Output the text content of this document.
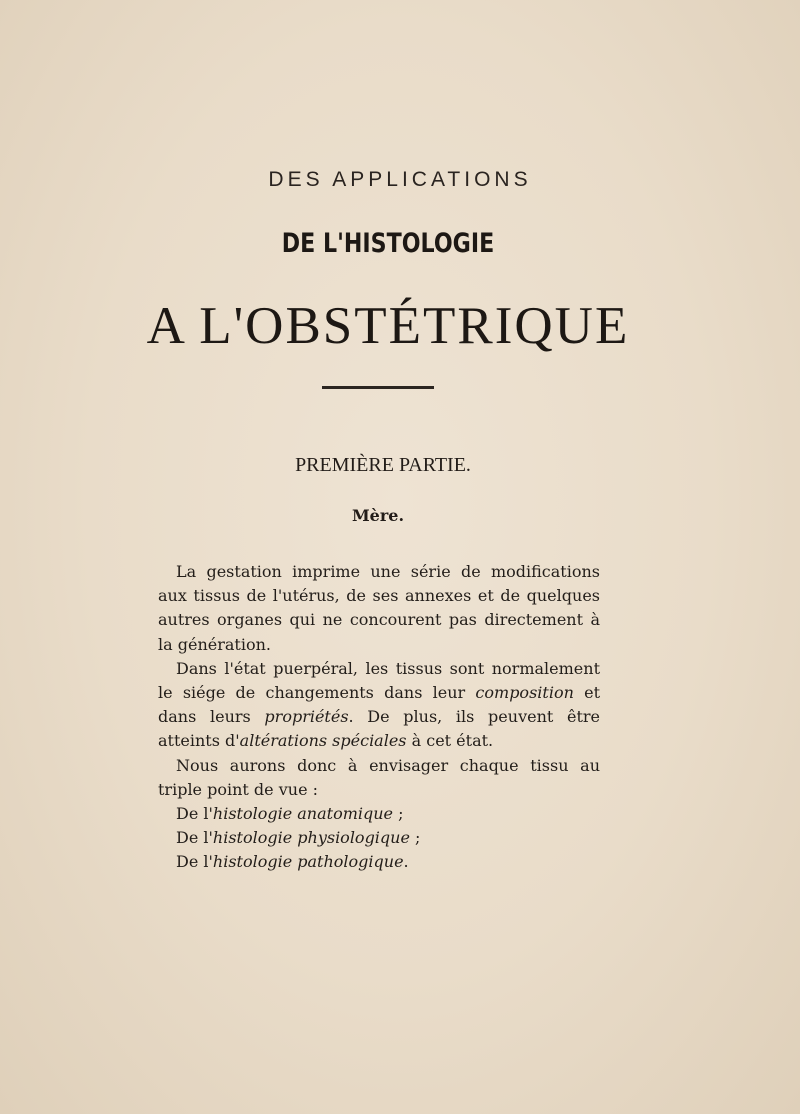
DES APPLICATIONS
DE L'HISTOLOGIE
A L'OBSTÉTRIQUE
PREMIÈRE PARTIE.
Mère.

La gestation imprime une série de modifications aux tissus de l'utérus, de ses annexes et de quelques autres organes qui ne concourent pas directement à la génération.

Dans l'état puerpéral, les tissus sont normalement le siége de changements dans leur composition et dans leurs propriétés. De plus, ils peuvent être atteints d'altérations spéciales à cet état.

Nous aurons donc à envisager chaque tissu au triple point de vue :

De l'histologie anatomique ;
De l'histologie physiologique ;
De l'histologie pathologique.
